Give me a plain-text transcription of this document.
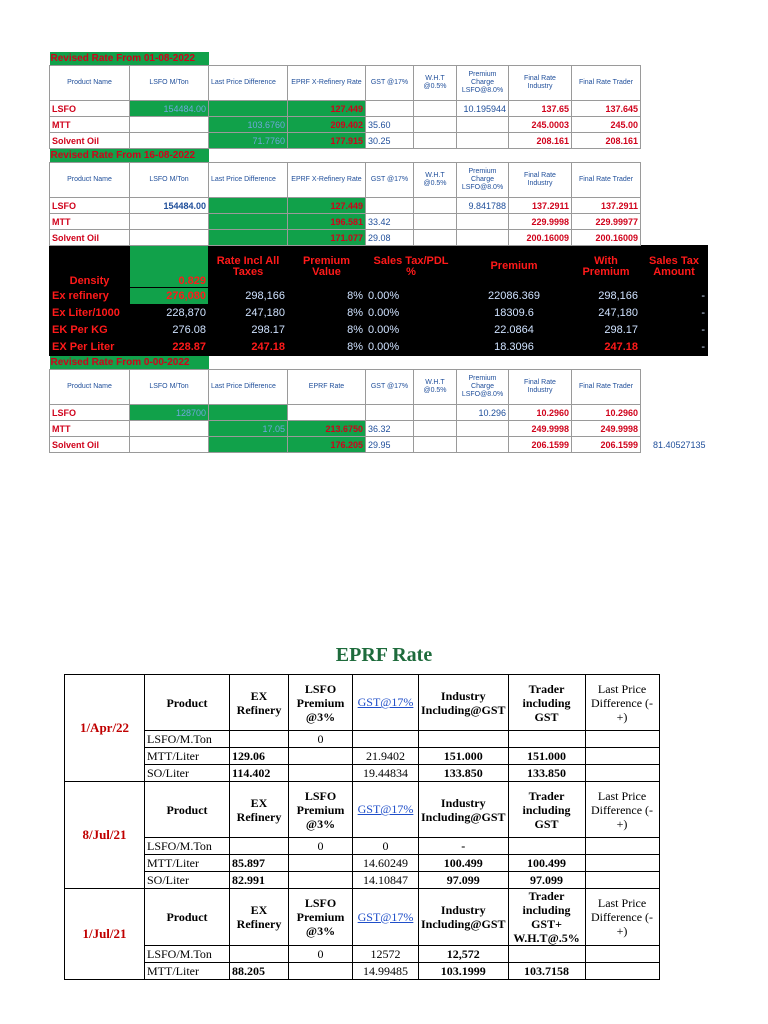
Revised Rate From 01-08-2022									
Product Name	LSFO M/Ton	Last Price Difference	EPRF X-Refinery Rate	GST @17%	W.H.T @0.5%	Premium Charge LSFO@8.0%	Final Rate Industry	Final Rate Trader	
LSFO	154484.00		127.449			10.195944	137.65	137.645	
MTT		103.6760	209.402	35.60			245.0003	245.00	
Solvent Oil		71.7760	177.915	30.25			208.161	208.161	
Revised Rate From 16-08-2022									
Product Name	LSFO M/Ton	Last Price Difference	EPRF X-Refinery Rate	GST @17%	W.H.T @0.5%	Premium Charge LSFO@8.0%	Final Rate Industry	Final Rate Trader	
LSFO	154484.00		127.449			9.841788	137.2911	137.2911	
MTT			196.581	33.42			229.9998	229.99977	
Solvent Oil			171.077	29.08			200.16009	200.16009	
Density	0.829	Rate Incl All Taxes	Premium Value	Sales Tax/PDL %		Premium		With Premium	Sales Tax Amount
Ex refinery	276,080	298,166	8%	0.00%		22086.369		298,166	-
Ex Liter/1000	228,870	247,180	8%	0.00%		18309.6		247,180	-
EK Per KG	276.08	298.17	8%	0.00%		22.0864		298.17	-
EX Per Liter	228.87	247.18	8%	0.00%		18.3096		247.18	-
Revised Rate From 0-00-2022									
Product Name	LSFO M/Ton	Last Price Difference	EPRF Rate	GST @17%	W.H.T @0.5%	Premium Charge LSFO@8.0%	Final Rate Industry	Final Rate Trader	
LSFO	128700					10.296	10.2960	10.2960	
MTT		17.05	213.6750	36.32			249.9998	249.9998	
Solvent Oil			176.205	29.95			206.1599	206.1599	81.40527135
EPRF Rate
1/Apr/22	Product	EX Refinery	LSFO Premium @3%	GST@17%	Industry Including@GST	Trader including GST	Last Price Difference (-+)
	LSFO/M.Ton		0				
	MTT/Liter	129.06		21.9402	151.000	151.000	
	SO/Liter	114.402		19.44834	133.850	133.850	
8/Jul/21	Product	EX Refinery	LSFO Premium @3%	GST@17%	Industry Including@GST	Trader including GST	Last Price Difference (-+)
	LSFO/M.Ton		0	0	-		
	MTT/Liter	85.897		14.60249	100.499	100.499	
	SO/Liter	82.991		14.10847	97.099	97.099	
1/Jul/21	Product	EX Refinery	LSFO Premium @3%	GST@17%	Industry Including@GST	Trader including GST+ W.H.T@.5%	Last Price Difference (-+)
	LSFO/M.Ton		0	12572	12,572		
	MTT/Liter	88.205		14.99485	103.1999	103.7158	
